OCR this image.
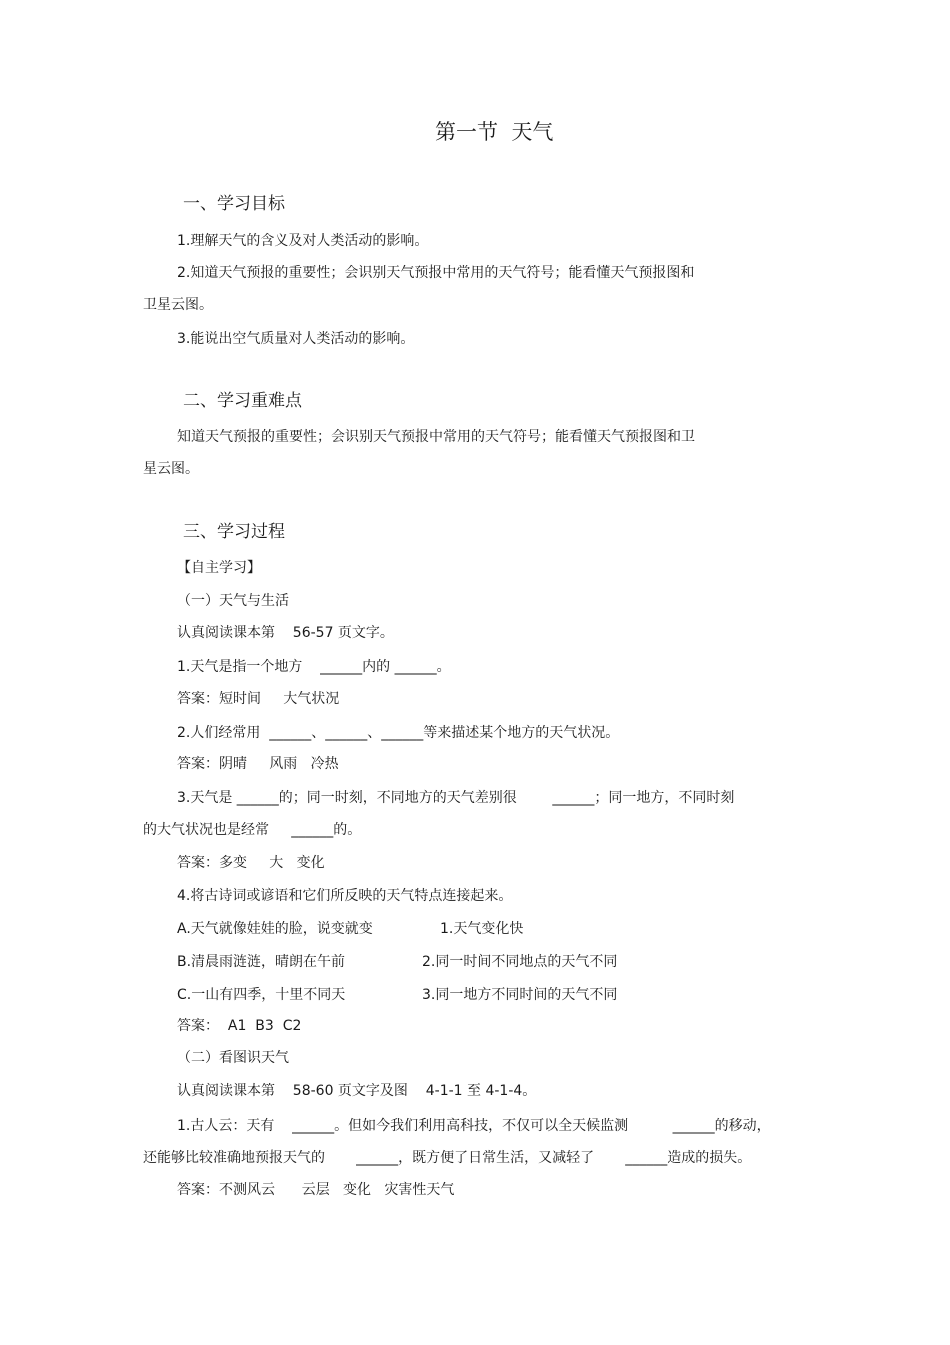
第一节  天气
一、学习目标
1.理解天气的含义及对人类活动的影响。
2.知道天气预报的重要性；会识别天气预报中常用的天气符号；能看懂天气预报图和
卫星云图。
3.能说出空气质量对人类活动的影响。
二、学习重难点
知道天气预报的重要性；会识别天气预报中常用的天气符号；能看懂天气预报图和卫
星云图。
三、学习过程
【自主学习】
（一）天气与生活
认真阅读课本第    56-57 页文字。
1.天气是指一个地方    ______内的 ______。
答案：短时间     大气状况
2.人们经常用  ______、______、______等来描述某个地方的天气状况。
答案：阴晴     风雨   冷热
3.天气是 ______的；同一时刻，不同地方的天气差别很        ______；同一地方，不同时刻
的大气状况也是经常     ______的。
答案：多变     大   变化
4.将古诗词或谚语和它们所反映的天气特点连接起来。
A.天气就像娃娃的脸，说变就变	1.天气变化快
B.清晨雨涟涟，晴朗在午前	2.同一时间不同地点的天气不同
C.一山有四季，十里不同天	3.同一地方不同时间的天气不同
答案：  A1  B3  C2
（二）看图识天气
认真阅读课本第    58-60 页文字及图    4-1-1 至 4-1-4。
1.古人云：天有    ______。但如今我们利用高科技，不仅可以全天候监测          ______的移动，
还能够比较准确地预报天气的       ______，既方便了日常生活，又减轻了       ______造成的损失。
答案：不测风云      云层   变化   灾害性天气
